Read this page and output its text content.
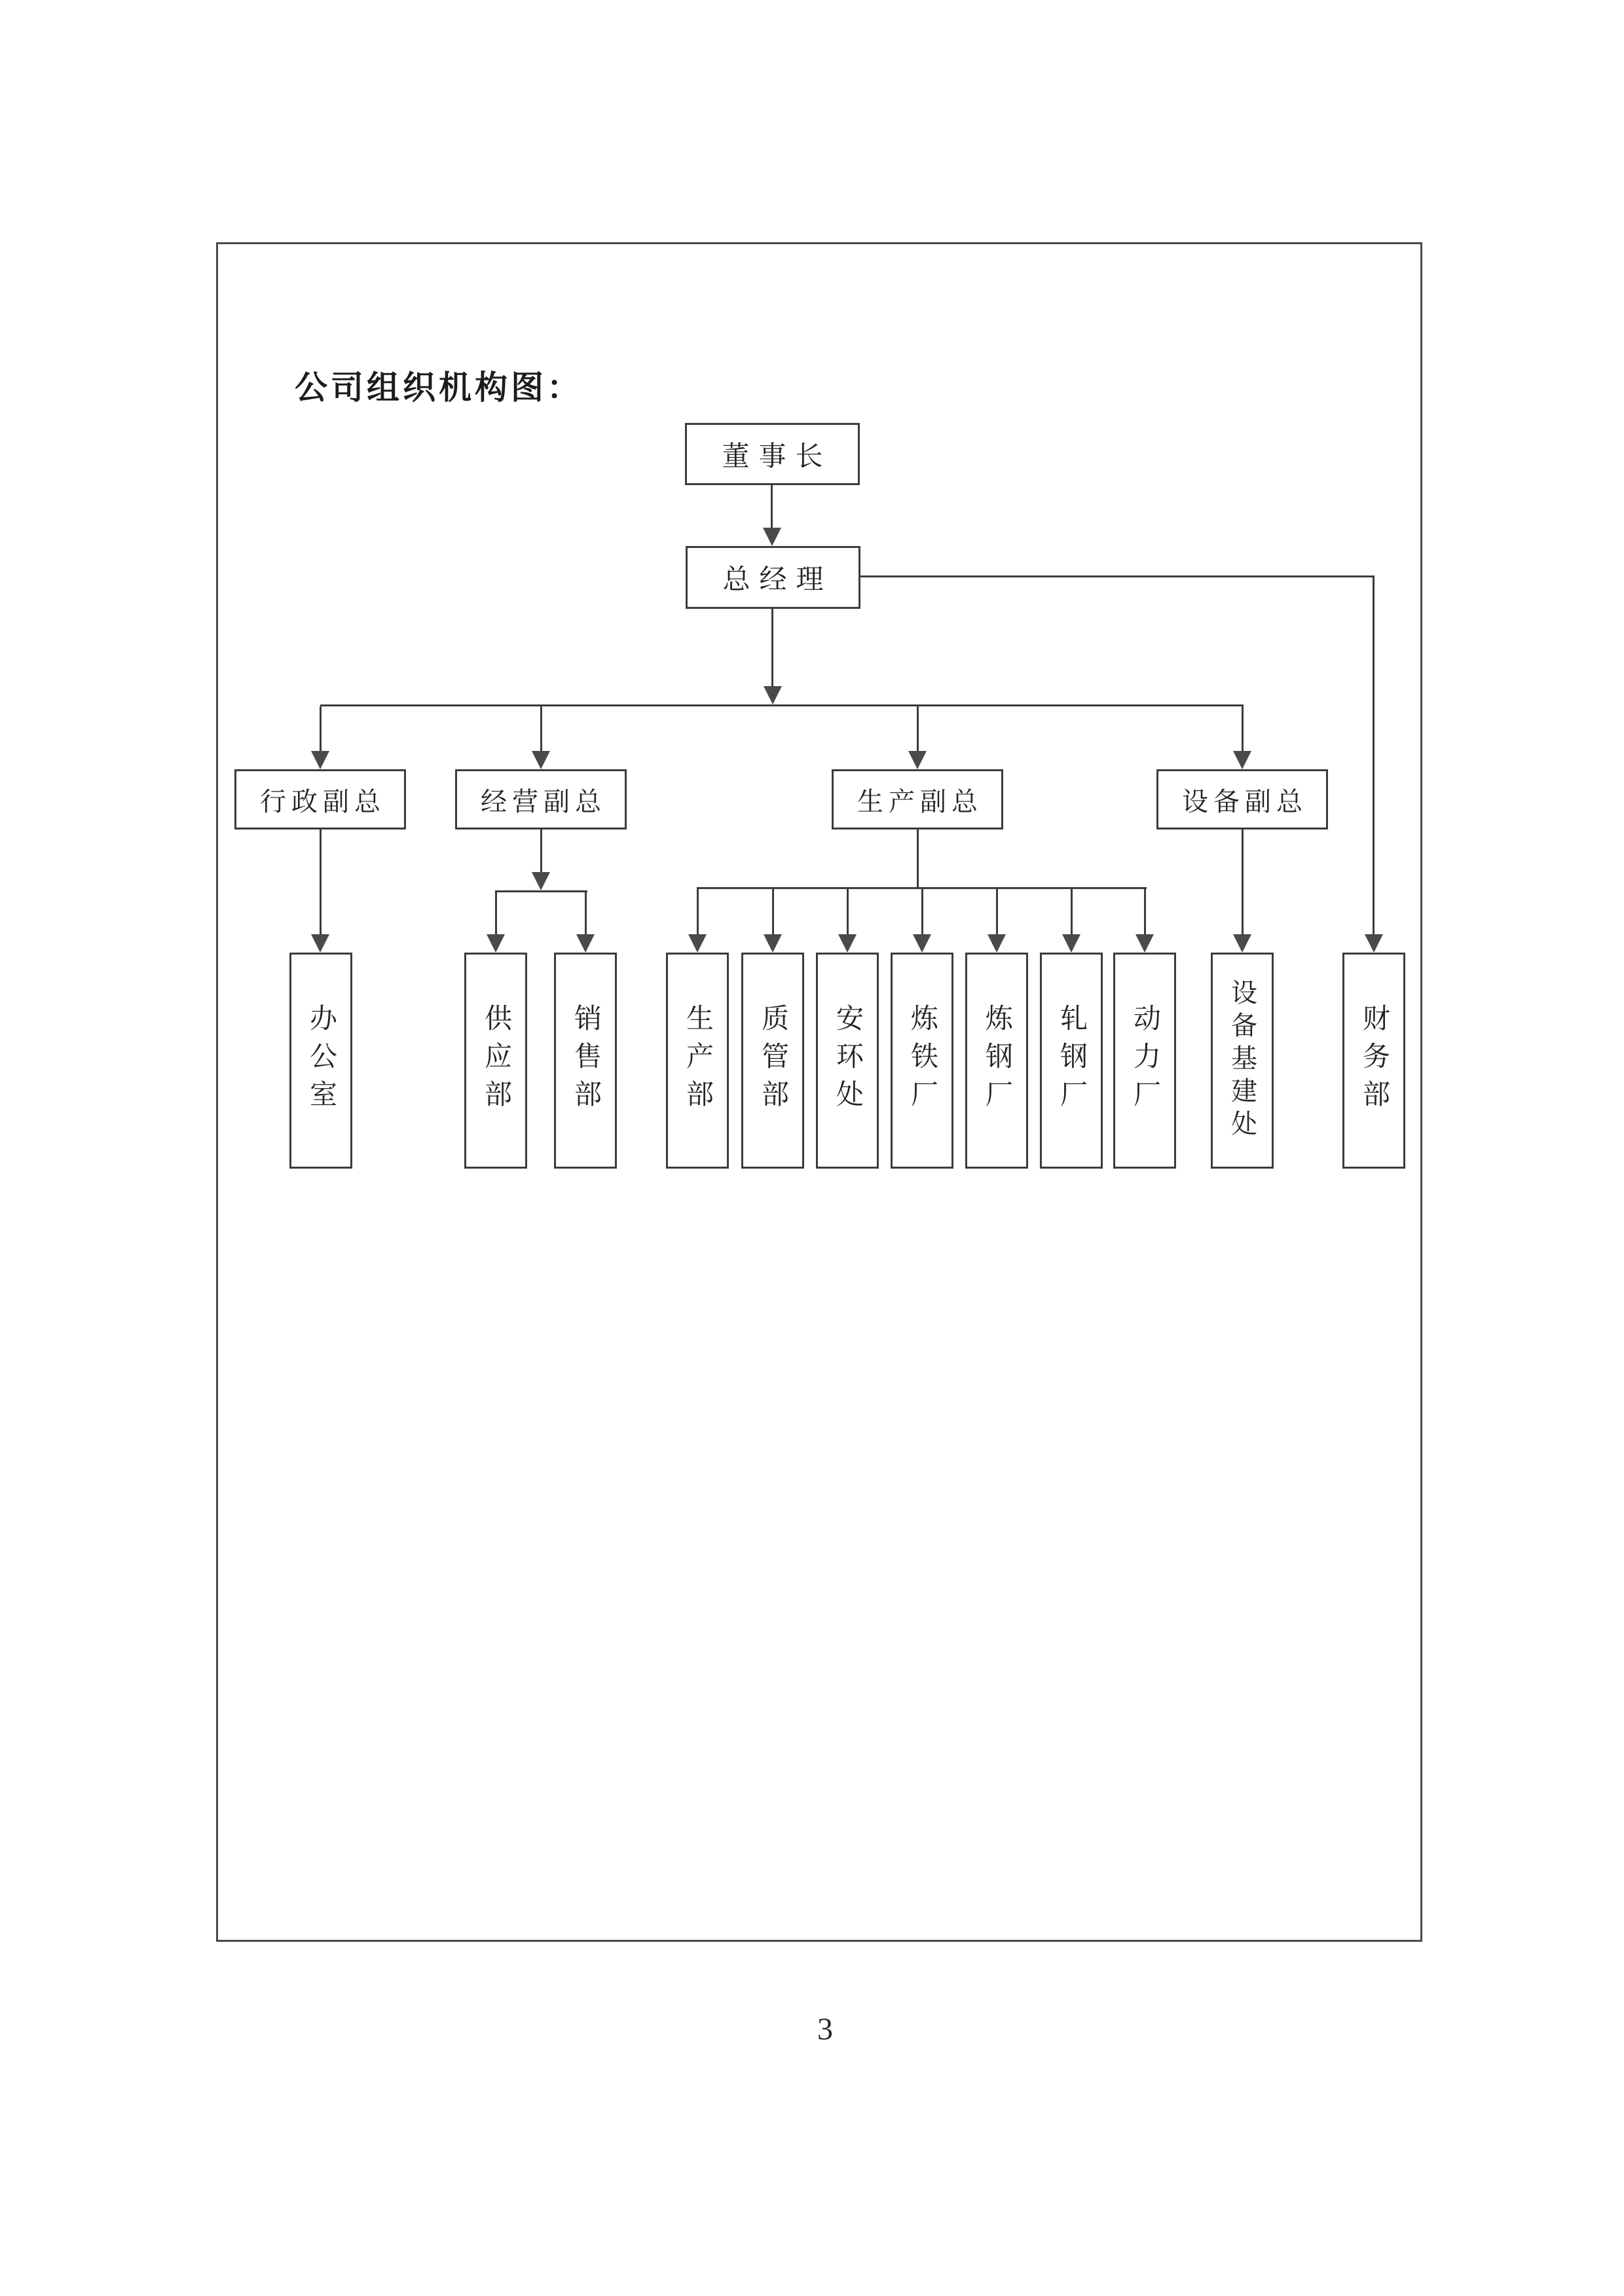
公司组织机构图：
董事长
总经理
行政副总	经营副总	生产副总	设备副总
办公室	供应部	销售部	生产部	质管部	安环处	炼铁厂	炼钢厂	轧钢厂	动力厂	设备基建处	财务部
3
